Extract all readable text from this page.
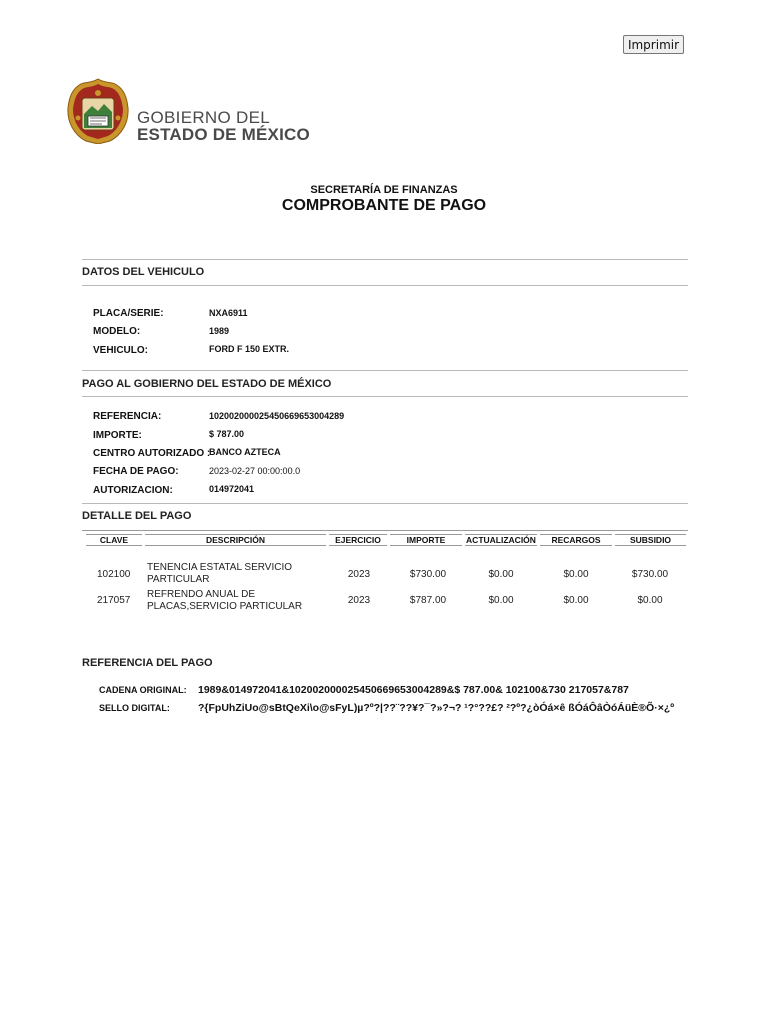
Imprimir
GOBIERNO DEL
ESTADO DE MÉXICO
SECRETARÍA DE FINANZAS
COMPROBANTE DE PAGO
DATOS DEL VEHICULO
PLACA/SERIE:	NXA6911
MODELO:	1989
VEHICULO:	FORD F 150 EXTR.
PAGO AL GOBIERNO DEL ESTADO DE MÉXICO
REFERENCIA:	10200200002545066965300428​9
IMPORTE:	$ 787.00
CENTRO AUTORIZADO :
BANCO AZTECA
FECHA DE PAGO:	2023-02-27 00:00:00.0
AUTORIZACION:	014972041
DETALLE DEL PAGO
CLAVE	DESCRIPCIÓN	EJERCICIO	IMPORTE	ACTUALIZACIÓN	RECARGOS	SUBSIDIO
102100
TENENCIA ESTATAL SERVICIO
PARTICULAR	2023	$730.00	$0.00	$0.00	$730.00
217057
REFRENDO ANUAL DE
PLACAS,SERVICIO PARTICULAR
2023	$787.00	$0.00	$0.00	$0.00
REFERENCIA DEL PAGO
CADENA ORIGINAL: 1989&014972041&102002000025450669653004289&$ 787.00& 102100&730 217057&787
SELLO DIGITAL:	?{FpUhZiUo@sBtQeXi\o@sFyL)µ?º?|??¨??¥?¯?»?¬? ¹?°??£? ²?º?¿òÓá×ê ßÓáÔâÒóÁüÈ®Õ·×¿º
